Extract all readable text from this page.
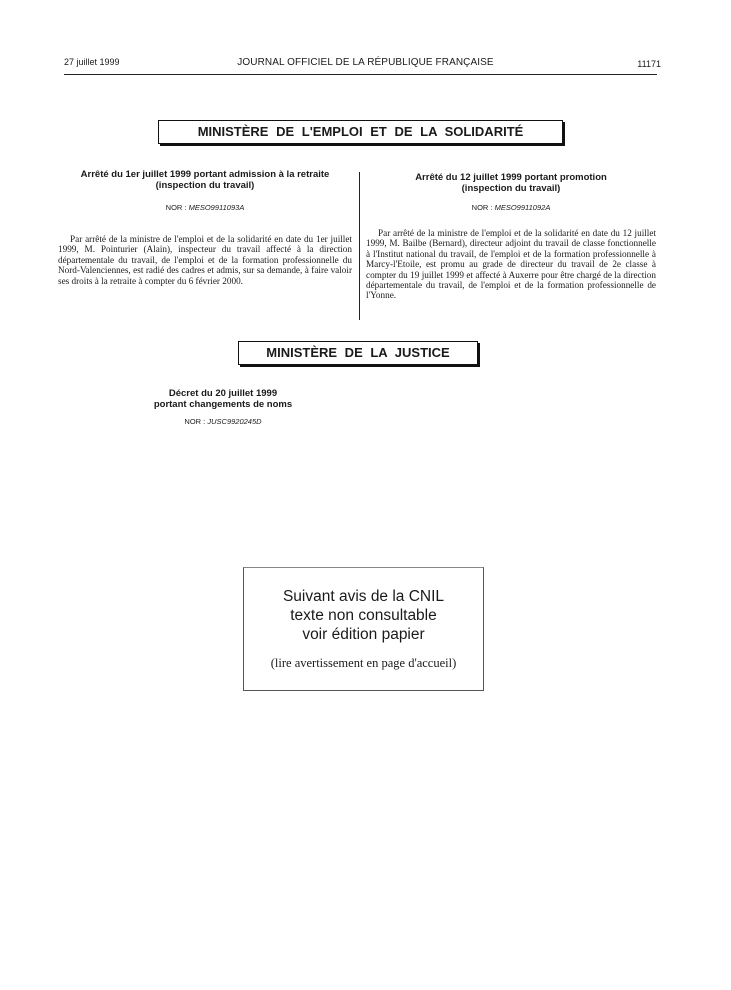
27 juillet 1999	JOURNAL OFFICIEL DE LA RÉPUBLIQUE FRANÇAISE	11171
MINISTÈRE DE L'EMPLOI ET DE LA SOLIDARITÉ
Arrêté du 1er juillet 1999 portant admission à la retraite
(inspection du travail)
NOR : MESO9911093A

Par arrêté de la ministre de l'emploi et de la solidarité en date du 1er juillet 1999, M. Pointurier (Alain), inspecteur du travail affecté à la direction départementale du travail, de l'emploi et de la formation professionnelle du Nord-Valenciennes, est radié des cadres et admis, sur sa demande, à faire valoir ses droits à la retraite à compter du 6 février 2000.

Arrêté du 12 juillet 1999 portant promotion
(inspection du travail)
NOR : MESO9911092A

Par arrêté de la ministre de l'emploi et de la solidarité en date du 12 juillet 1999, M. Bailbe (Bernard), directeur adjoint du travail de classe fonctionnelle à l'Institut national du travail, de l'emploi et de la formation professionnelle à Marcy-l'Etoile, est promu au grade de directeur du travail de 2e classe à compter du 19 juillet 1999 et affecté à Auxerre pour être chargé de la direction départementale du travail, de l'emploi et de la formation professionnelle de l'Yonne.

MINISTÈRE DE LA JUSTICE
Décret du 20 juillet 1999
portant changements de noms
NOR : JUSC9920245D
Suivant avis de la CNIL
texte non consultable
voir édition papier
(lire avertissement en page d'accueil)
